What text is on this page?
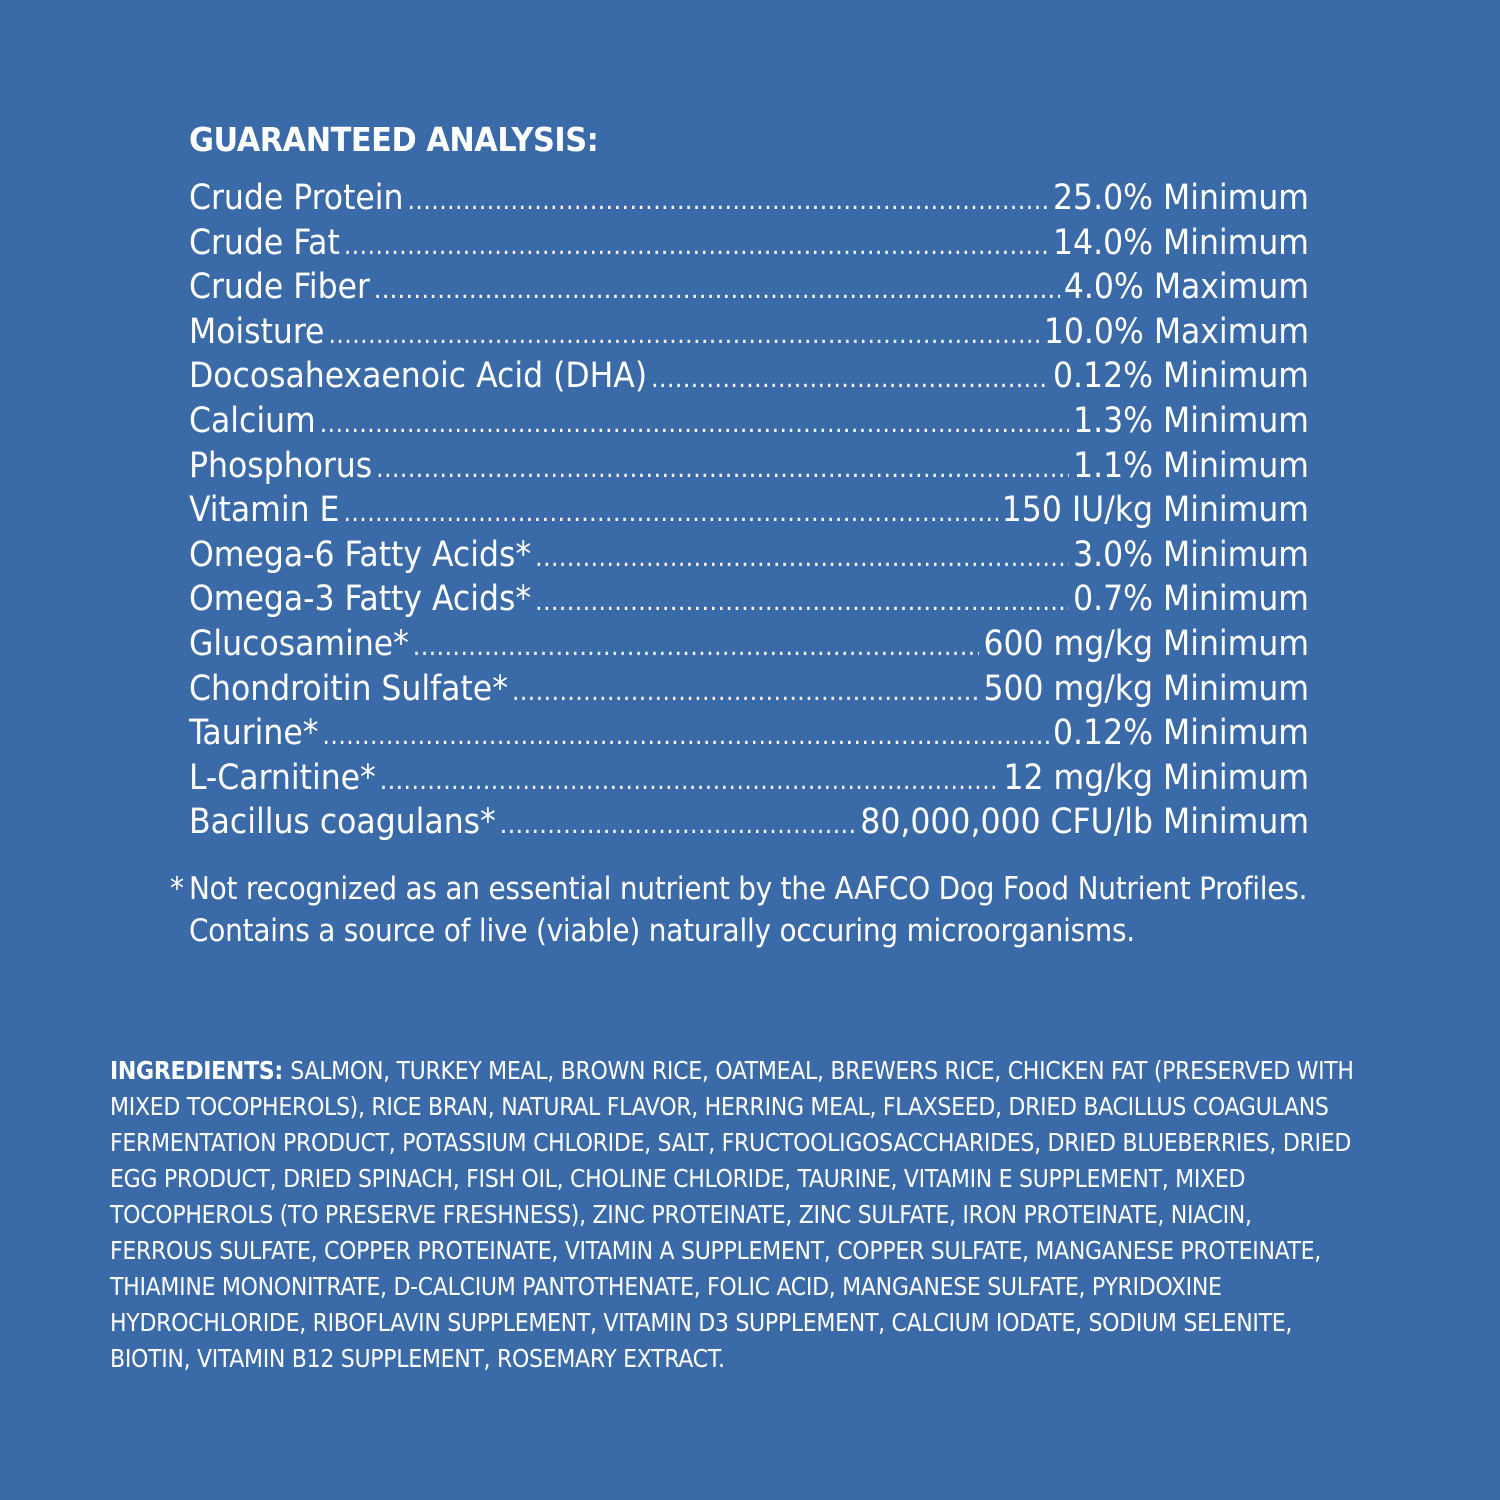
GUARANTEED ANALYSIS:
Crude Protein .....	25.0% Minimum
Crude Fat .....	14.0% Minimum
Crude Fiber .....	4.0% Maximum
Moisture .....	10.0% Maximum
Docosahexaenoic Acid (DHA) .....	0.12% Minimum
Calcium .....	1.3% Minimum
Phosphorus .....	1.1% Minimum
Vitamin E .....	150 IU/kg Minimum
Omega-6 Fatty Acids* .....	3.0% Minimum
Omega-3 Fatty Acids* .....	0.7% Minimum
Glucosamine* .....	600 mg/kg Minimum
Chondroitin Sulfate* .....	500 mg/kg Minimum
Taurine* .....	0.12% Minimum
L-Carnitine* .....	12 mg/kg Minimum
Bacillus coagulans* .....	80,000,000 CFU/lb Minimum

* Not recognized as an essential nutrient by the AAFCO Dog Food Nutrient Profiles.

Contains a source of live (viable) naturally occuring microorganisms.

INGREDIENTS: SALMON, TURKEY MEAL, BROWN RICE, OATMEAL, BREWERS RICE, CHICKEN FAT (PRESERVED WITH MIXED TOCOPHEROLS), RICE BRAN, NATURAL FLAVOR, HERRING MEAL, FLAXSEED, DRIED BACILLUS COAGULANS FERMENTATION PRODUCT, POTASSIUM CHLORIDE, SALT, FRUCTOOLIGOSACCHARIDES, DRIED BLUEBERRIES, DRIED EGG PRODUCT, DRIED SPINACH, FISH OIL, CHOLINE CHLORIDE, TAURINE, VITAMIN E SUPPLEMENT, MIXED TOCOPHEROLS (TO PRESERVE FRESHNESS), ZINC PROTEINATE, ZINC SULFATE, IRON PROTEINATE, NIACIN, FERROUS SULFATE, COPPER PROTEINATE, VITAMIN A SUPPLEMENT, COPPER SULFATE, MANGANESE PROTEINATE, THIAMINE MONONITRATE, D-CALCIUM PANTOTHENATE, FOLIC ACID, MANGANESE SULFATE, PYRIDOXINE HYDROCHLORIDE, RIBOFLAVIN SUPPLEMENT, VITAMIN D3 SUPPLEMENT, CALCIUM IODATE, SODIUM SELENITE, BIOTIN, VITAMIN B12 SUPPLEMENT, ROSEMARY EXTRACT.
